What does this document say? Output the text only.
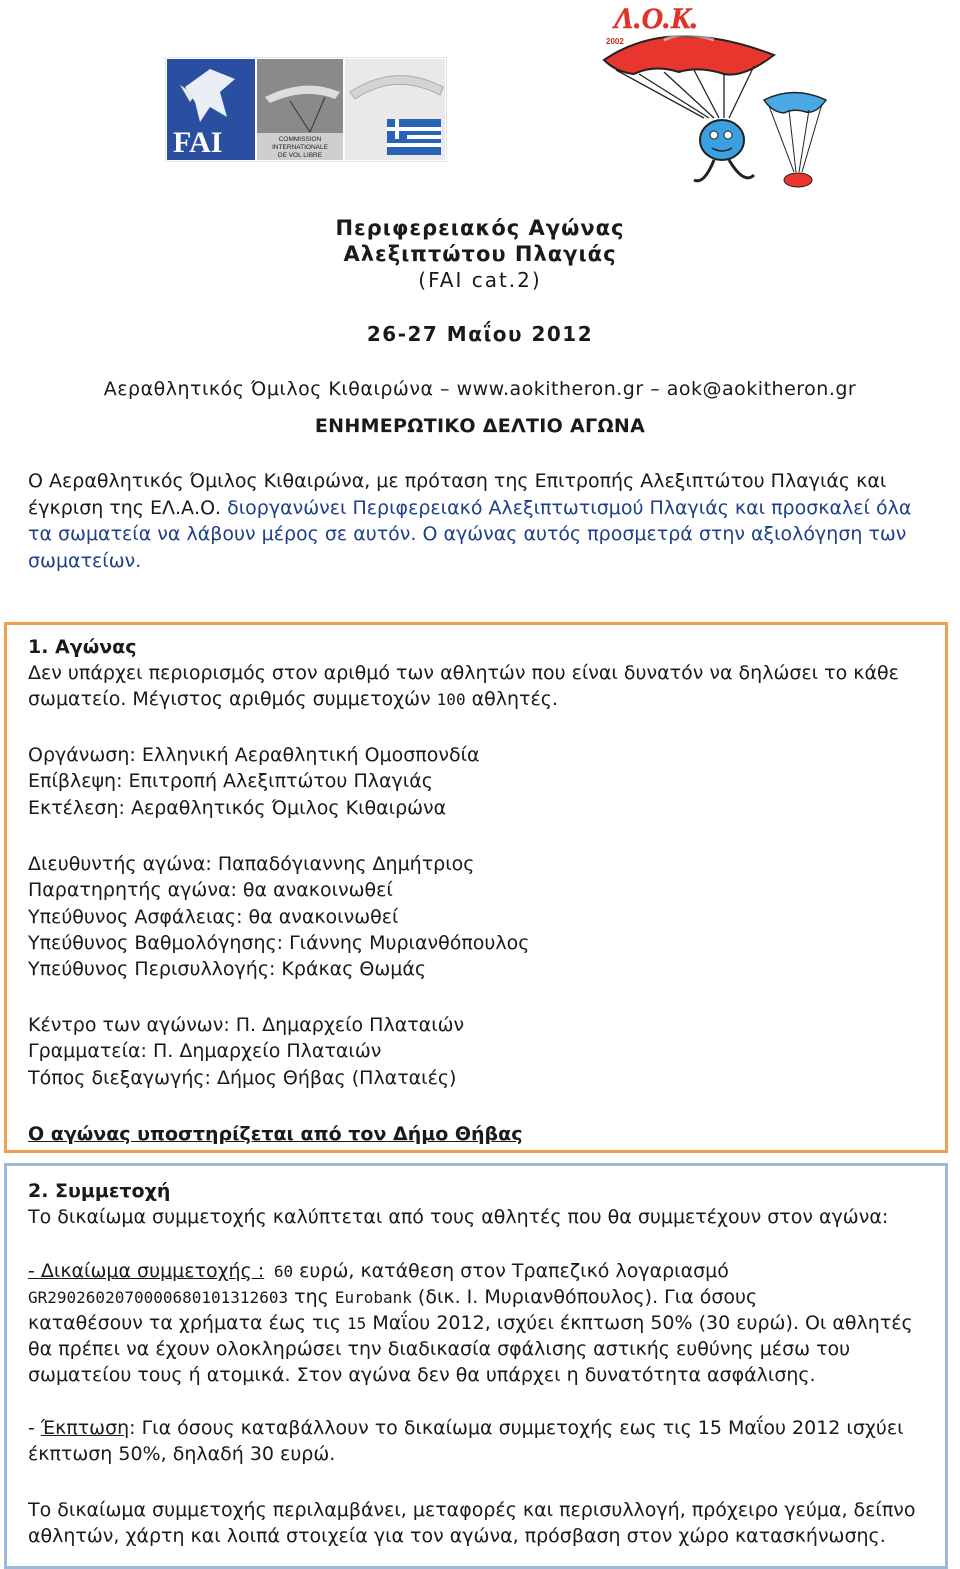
FAI	COMMISSION
INTERNATIONALE
DE VOL LIBRE
Λ.Ο.Κ.
2002
Περιφερειακός Αγώνας
Αλεξιπτώτου Πλαγιάς
(FAI cat.2)
26-27 Μαΐου 2012
Αεραθλητικός Όμιλος Κιθαιρώνα – www.aokitheron.gr – aok@aokitheron.gr
ΕΝΗΜΕΡΩΤΙΚΟ ΔΕΛΤΙΟ ΑΓΩΝΑ
Ο Αεραθλητικός Όμιλος Κιθαιρώνα, με πρόταση της Επιτροπής Αλεξιπτώτου Πλαγιάς και
έγκριση της ΕΛ.Α.Ο. διοργανώνει Περιφερειακό Αλεξιπτωτισμού Πλαγιάς και προσκαλεί όλα
τα σωματεία να λάβουν μέρος σε αυτόν. Ο αγώνας αυτός προσμετρά στην αξιολόγηση των
σωματείων.
1. Αγώνας
Δεν υπάρχει περιορισμός στον αριθμό των αθλητών που είναι δυνατόν να δηλώσει το κάθε
σωματείο. Μέγιστος αριθμός συμμετοχών 100 αθλητές.
Οργάνωση: Ελληνική Αεραθλητική Ομοσπονδία
Επίβλεψη: Επιτροπή Αλεξιπτώτου Πλαγιάς
Εκτέλεση: Αεραθλητικός Όμιλος Κιθαιρώνα
Διευθυντής αγώνα: Παπαδόγιαννης Δημήτριος
Παρατηρητής αγώνα: θα ανακοινωθεί
Υπεύθυνος Ασφάλειας: θα ανακοινωθεί
Υπεύθυνος Βαθμολόγησης: Γιάννης Μυριανθόπουλος
Υπεύθυνος Περισυλλογής: Κράκας Θωμάς
Κέντρο των αγώνων: Π. Δημαρχείο Πλαταιών
Γραμματεία: Π. Δημαρχείο Πλαταιών
Τόπος διεξαγωγής: Δήμος Θήβας (Πλαταιές)
Ο αγώνας υποστηρίζεται από τον Δήμο Θήβας
2. Συμμετοχή
Το δικαίωμα συμμετοχής καλύπτεται από τους αθλητές που θα συμμετέχουν στον αγώνα:
- Δικαίωμα συμμετοχής : 60 ευρώ, κατάθεση στον Τραπεζικό λογαριασμό
GR2902602070000680101312603 της Eurobank (δικ. Ι. Μυριανθόπουλος). Για όσους
καταθέσουν τα χρήματα έως τις 15 Μαΐου 2012, ισχύει έκπτωση 50% (30 ευρώ). Οι αθλητές
θα πρέπει να έχουν ολοκληρώσει την διαδικασία σφάλισης αστικής ευθύνης μέσω του
σωματείου τους ή ατομικά. Στον αγώνα δεν θα υπάρχει η δυνατότητα ασφάλισης.
- Έκπτωση: Για όσους καταβάλλουν το δικαίωμα συμμετοχής εως τις 15 Μαΐου 2012 ισχύει
έκπτωση 50%, δηλαδή 30 ευρώ.
Το δικαίωμα συμμετοχής περιλαμβάνει, μεταφορές και περισυλλογή, πρόχειρο γεύμα, δείπνο
αθλητών, χάρτη και λοιπά στοιχεία για τον αγώνα, πρόσβαση στον χώρο κατασκήνωσης.
